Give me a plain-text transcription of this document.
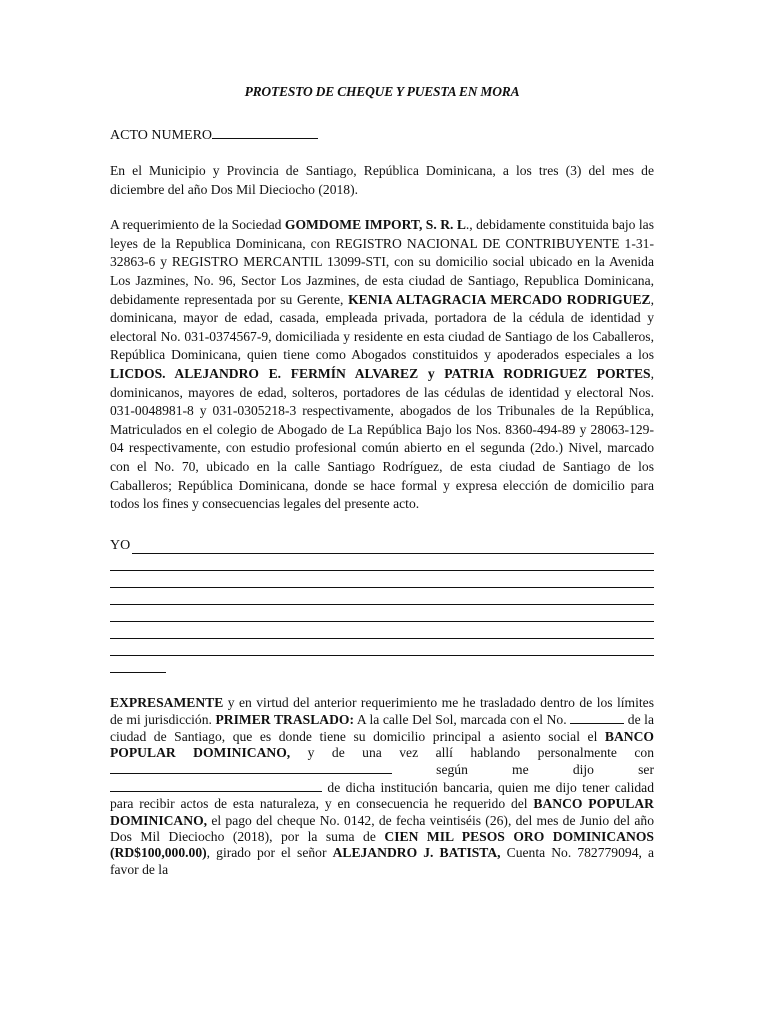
PROTESTO DE CHEQUE Y PUESTA EN MORA
ACTO NUMERO

En el Municipio y Provincia de Santiago, República Dominicana, a los tres (3) del mes de diciembre del año Dos Mil Dieciocho (2018).

A requerimiento de la Sociedad GOMDOME IMPORT, S. R. L., debidamente constituida bajo las leyes de la Republica Dominicana, con REGISTRO NACIONAL DE CONTRIBUYENTE 1-31-32863-6 y REGISTRO MERCANTIL 13099-STI, con su domicilio social ubicado en la Avenida Los Jazmines, No. 96, Sector Los Jazmines, de esta ciudad de Santiago, Republica Dominicana, debidamente representada por su Gerente, KENIA ALTAGRACIA MERCADO RODRIGUEZ, dominicana, mayor de edad, casada, empleada privada, portadora de la cédula de identidad y electoral No. 031-0374567-9, domiciliada y residente en esta ciudad de Santiago de los Caballeros, República Dominicana, quien tiene como Abogados constituidos y apoderados especiales a los LICDOS. ALEJANDRO E. FERMÍN ALVAREZ y PATRIA RODRIGUEZ PORTES, dominicanos, mayores de edad, solteros, portadores de las cédulas de identidad y electoral Nos. 031-0048981-8 y 031-0305218-3 respectivamente, abogados de los Tribunales de la República, Matriculados en el colegio de Abogado de La República Bajo los Nos. 8360-494-89 y 28063-129-04 respectivamente, con estudio profesional común abierto en el segunda (2do.) Nivel, marcado con el No. 70, ubicado en la calle Santiago Rodríguez, de esta ciudad de Santiago de los Caballeros; República Dominicana, donde se hace formal y expresa elección de domicilio para todos los fines y consecuencias legales del presente acto.

YO

EXPRESAMENTE y en virtud del anterior requerimiento me he trasladado dentro de los límites de mi jurisdicción. PRIMER TRASLADO: A la calle Del Sol, marcada con el No.	de la ciudad de Santiago, que es donde tiene su domicilio principal a asiento social el BANCO POPULAR DOMINICANO, y de una vez allí hablando personalmente con  según me dijo ser de dicha institución bancaria, quien me dijo tener calidad para recibir actos de esta naturaleza, y en consecuencia he requerido del BANCO POPULAR DOMINICANO, el pago del cheque No. 0142, de fecha veintiséis (26), del mes de Junio del año Dos Mil Dieciocho (2018), por la suma de CIEN MIL PESOS ORO DOMINICANOS (RD$100,000.00), girado por el señor ALEJANDRO J. BATISTA, Cuenta No. 782779094, a favor de la
